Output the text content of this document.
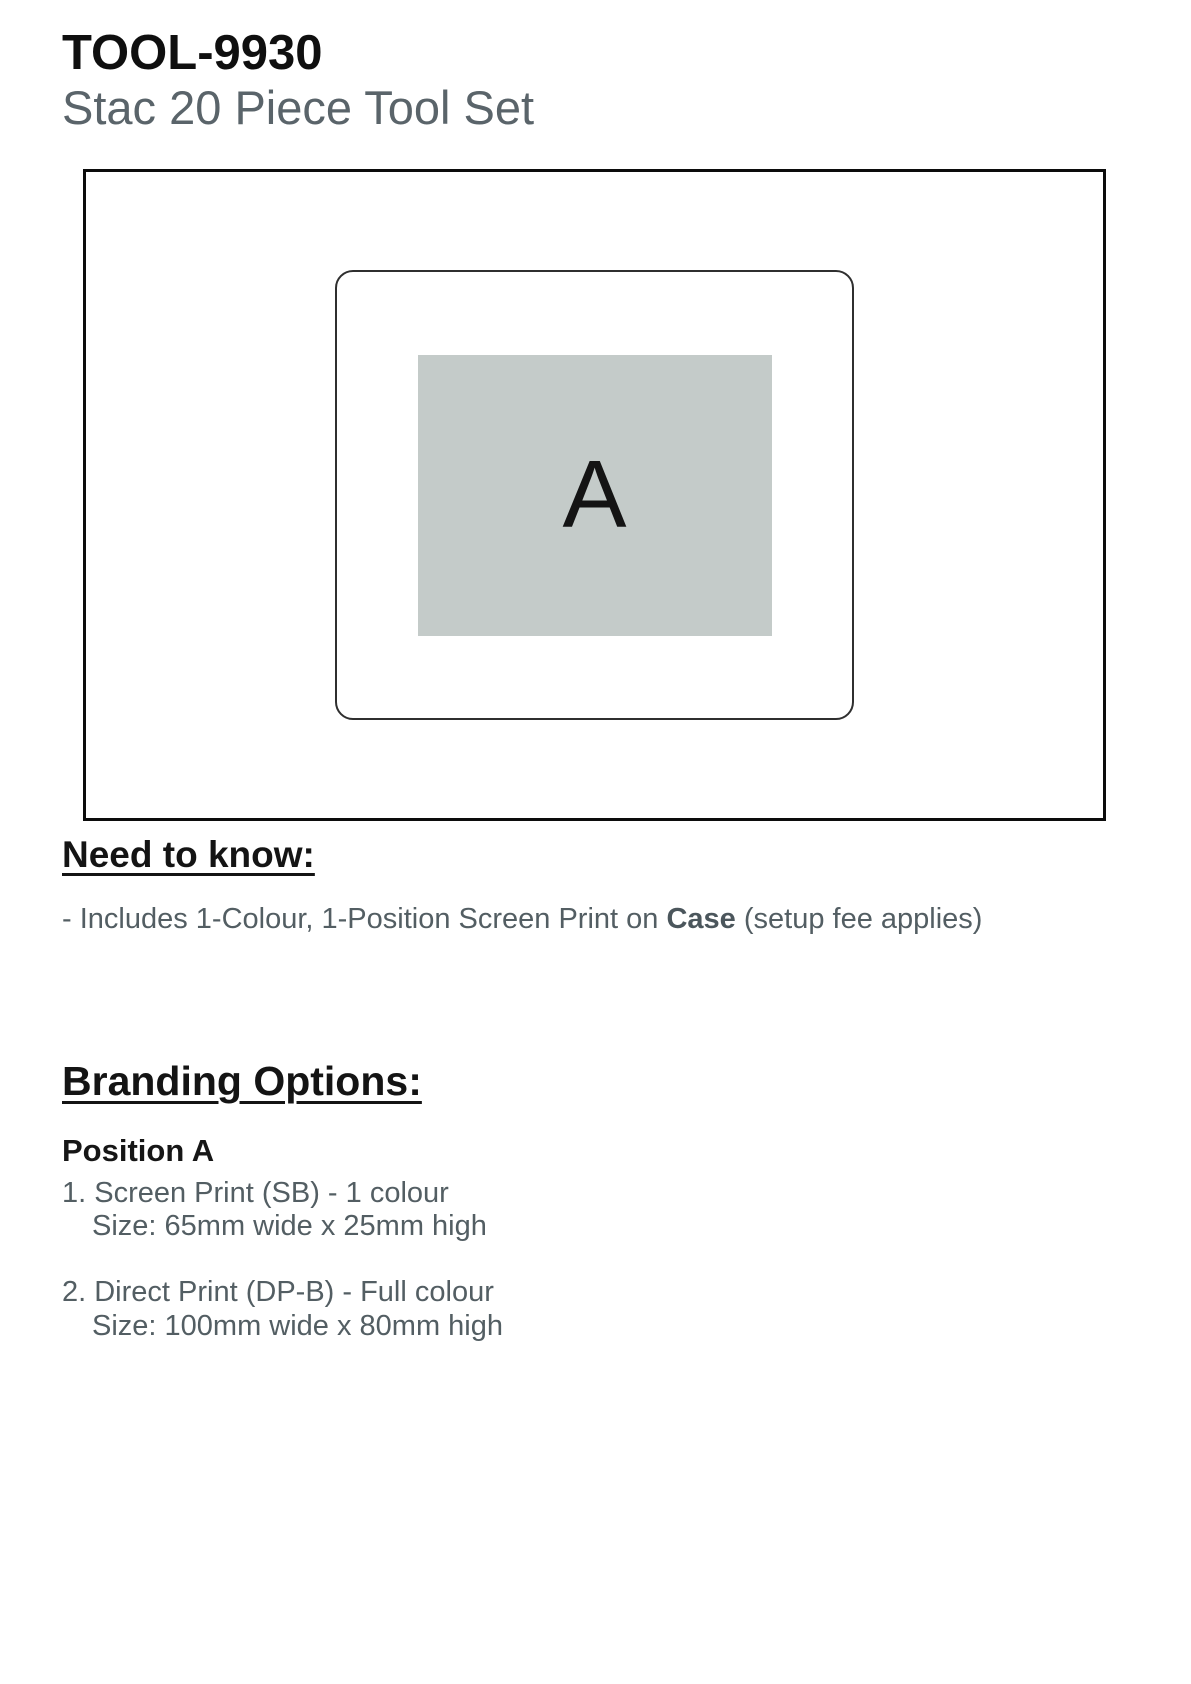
TOOL-9930
Stac 20 Piece Tool Set
A
Need to know:

- Includes 1-Colour, 1-Position Screen Print on Case (setup fee applies)

Branding Options:
Position A
1. Screen Print (SB) - 1 colour
Size: 65mm wide x 25mm high
2. Direct Print (DP-B) - Full colour
Size: 100mm wide x 80mm high
